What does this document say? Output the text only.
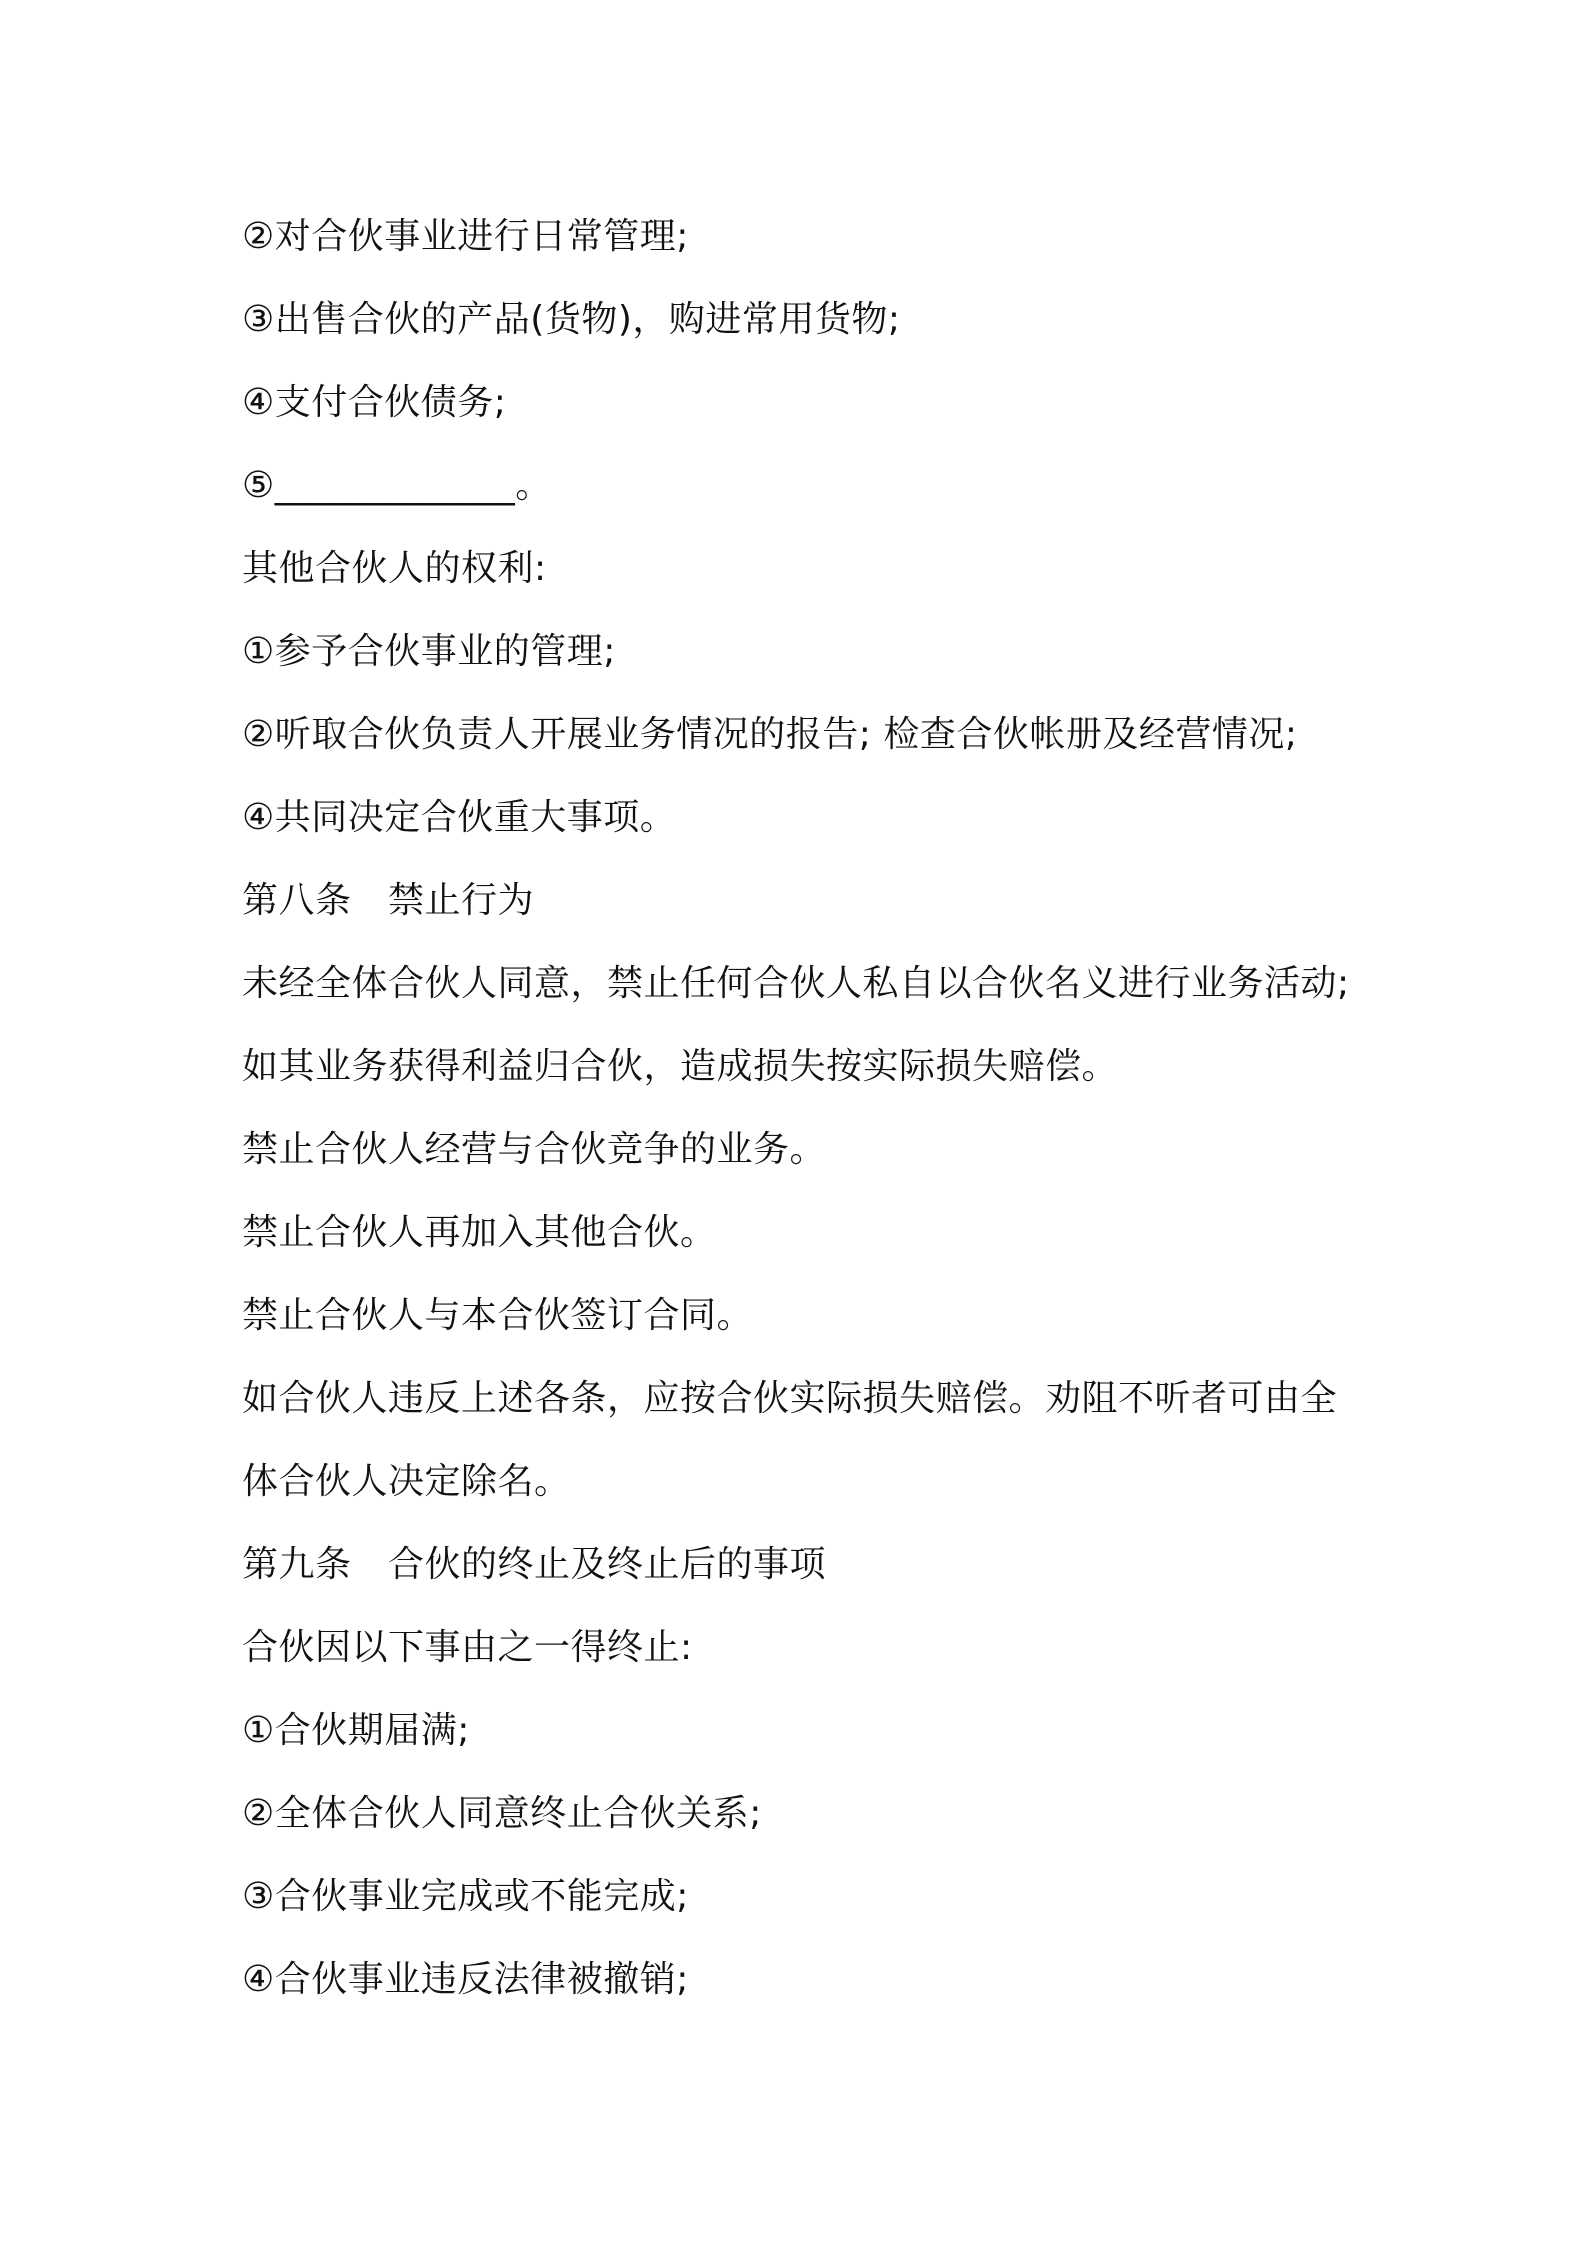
②对合伙事业进行日常管理;
③出售合伙的产品(货物)，购进常用货物;
④支付合伙债务;
⑤_____________。
其他合伙人的权利:
①参予合伙事业的管理;
②听取合伙负责人开展业务情况的报告; 检查合伙帐册及经营情况;
④共同决定合伙重大事项。
第八条　禁止行为
未经全体合伙人同意，禁止任何合伙人私自以合伙名义进行业务活动;
如其业务获得利益归合伙，造成损失按实际损失赔偿。
禁止合伙人经营与合伙竞争的业务。
禁止合伙人再加入其他合伙。
禁止合伙人与本合伙签订合同。
如合伙人违反上述各条，应按合伙实际损失赔偿。劝阻不听者可由全
体合伙人决定除名。
第九条　合伙的终止及终止后的事项
合伙因以下事由之一得终止:
①合伙期届满;
②全体合伙人同意终止合伙关系;
③合伙事业完成或不能完成;
④合伙事业违反法律被撤销;
